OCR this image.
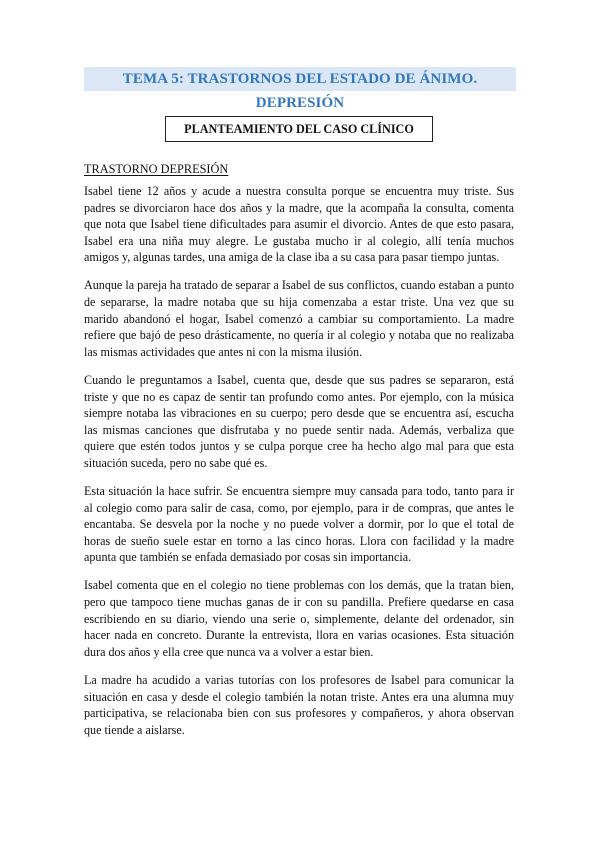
TEMA 5: TRASTORNOS DEL ESTADO DE ÁNIMO. DEPRESIÓN
PLANTEAMIENTO DEL CASO CLÍNICO
TRASTORNO DEPRESIÓN

Isabel tiene 12 años y acude a nuestra consulta porque se encuentra muy triste. Sus padres se divorciaron hace dos años y la madre, que la acompaña la consulta, comenta que nota que Isabel tiene dificultades para asumir el divorcio. Antes de que esto pasara, Isabel era una niña muy alegre. Le gustaba mucho ir al colegio, allí tenía muchos amigos y, algunas tardes, una amiga de la clase iba a su casa para pasar tiempo juntas.

Aunque la pareja ha tratado de separar a Isabel de sus conflictos, cuando estaban a punto de separarse, la madre notaba que su hija comenzaba a estar triste. Una vez que su marido abandonó el hogar, Isabel comenzó a cambiar su comportamiento. La madre refiere que bajó de peso drásticamente, no quería ir al colegio y notaba que no realizaba las mismas actividades que antes ni con la misma ilusión.

Cuando le preguntamos a Isabel, cuenta que, desde que sus padres se separaron, está triste y que no es capaz de sentir tan profundo como antes. Por ejemplo, con la música siempre notaba las vibraciones en su cuerpo; pero desde que se encuentra así, escucha las mismas canciones que disfrutaba y no puede sentir nada. Además, verbaliza que quiere que estén todos juntos y se culpa porque cree ha hecho algo mal para que esta situación suceda, pero no sabe qué es.

Esta situación la hace sufrir. Se encuentra siempre muy cansada para todo, tanto para ir al colegio como para salir de casa, como, por ejemplo, para ir de compras, que antes le encantaba. Se desvela por la noche y no puede volver a dormir, por lo que el total de horas de sueño suele estar en torno a las cinco horas. Llora con facilidad y la madre apunta que también se enfada demasiado por cosas sin importancia.

Isabel comenta que en el colegio no tiene problemas con los demás, que la tratan bien, pero que tampoco tiene muchas ganas de ir con su pandilla. Prefiere quedarse en casa escribiendo en su diario, viendo una serie o, simplemente, delante del ordenador, sin hacer nada en concreto. Durante la entrevista, llora en varias ocasiones. Esta situación dura dos años y ella cree que nunca va a volver a estar bien.

La madre ha acudido a varias tutorías con los profesores de Isabel para comunicar la situación en casa y desde el colegio también la notan triste. Antes era una alumna muy participativa, se relacionaba bien con sus profesores y compañeros, y ahora observan que tiende a aislarse.
